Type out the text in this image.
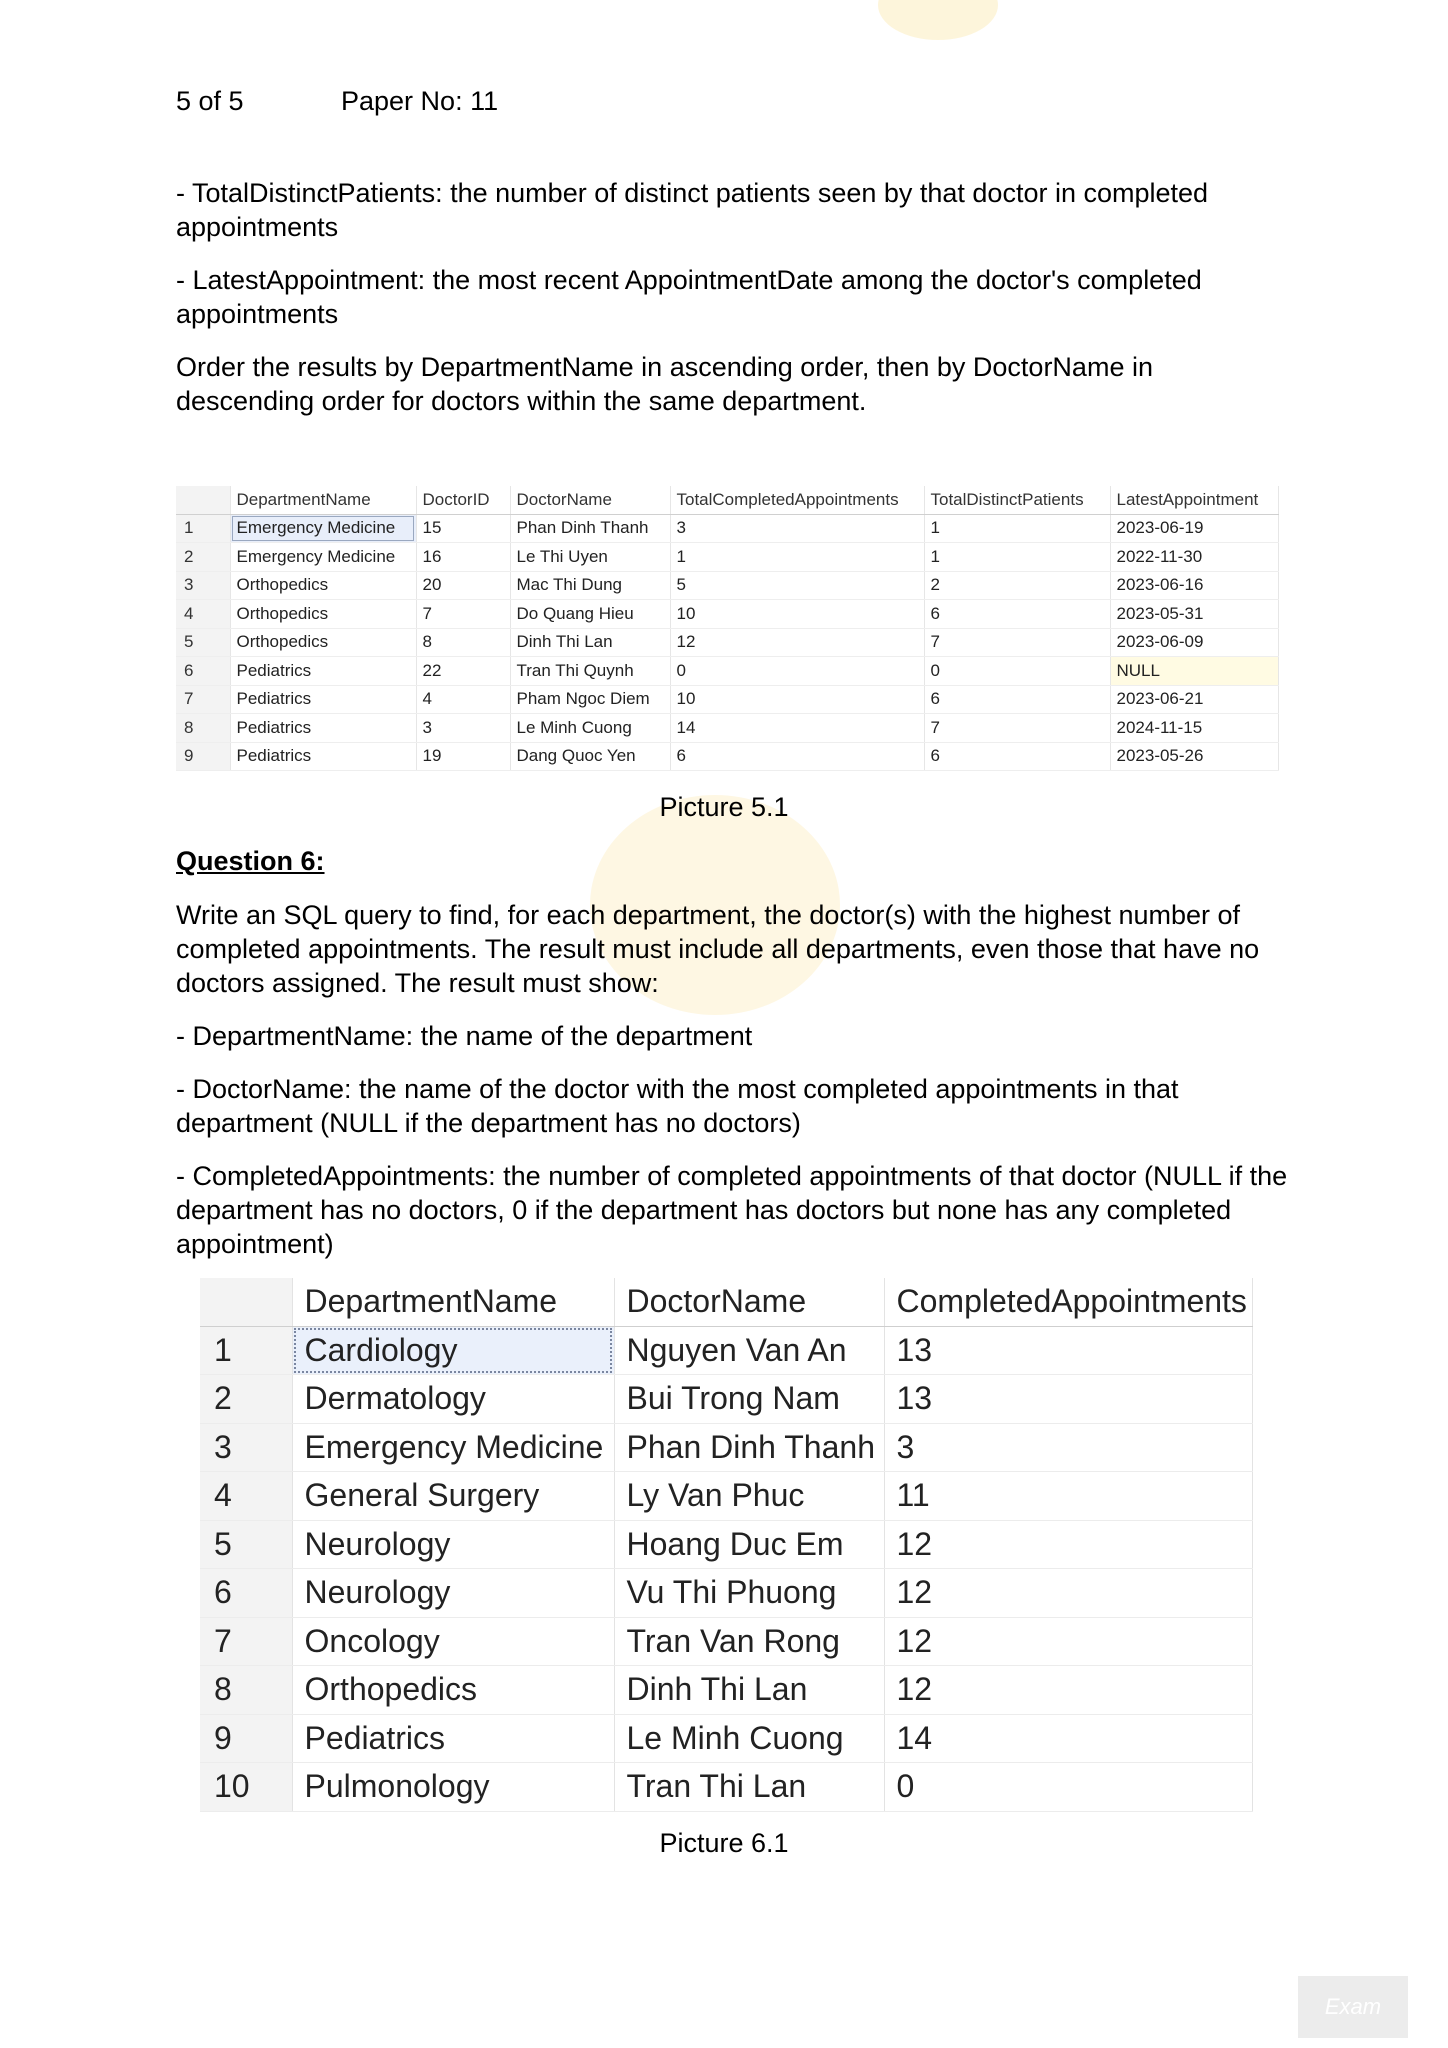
5 of 5	Paper No: 11

- TotalDistinctPatients: the number of distinct patients seen by that doctor in completed appointments

- LatestAppointment: the most recent AppointmentDate among the doctor's completed appointments

Order the results by DepartmentName in ascending order, then by DoctorName in descending order for doctors within the same department.

	DepartmentName	DoctorID	DoctorName	TotalCompletedAppointments	TotalDistinctPatients	LatestAppointment
1	Emergency Medicine	15	Phan Dinh Thanh	3	1	2023-06-19
2	Emergency Medicine	16	Le Thi Uyen	1	1	2022-11-30
3	Orthopedics	20	Mac Thi Dung	5	2	2023-06-16
4	Orthopedics	7	Do Quang Hieu	10	6	2023-05-31
5	Orthopedics	8	Dinh Thi Lan	12	7	2023-06-09
6	Pediatrics	22	Tran Thi Quynh	0	0	NULL
7	Pediatrics	4	Pham Ngoc Diem	10	6	2023-06-21
8	Pediatrics	3	Le Minh Cuong	14	7	2024-11-15
9	Pediatrics	19	Dang Quoc Yen	6	6	2023-05-26
Picture 5.1
Question 6:

Write an SQL query to find, for each department, the doctor(s) with the highest number of completed appointments. The result must include all departments, even those that have no doctors assigned. The result must show:

- DepartmentName: the name of the department

- DoctorName: the name of the doctor with the most completed appointments in that department (NULL if the department has no doctors)

- CompletedAppointments: the number of completed appointments of that doctor (NULL if the department has no doctors, 0 if the department has doctors but none has any completed appointment)

	DepartmentName	DoctorName	CompletedAppointments
1	Cardiology	Nguyen Van An	13
2	Dermatology	Bui Trong Nam	13
3	Emergency Medicine	Phan Dinh Thanh	3
4	General Surgery	Ly Van Phuc	11
5	Neurology	Hoang Duc Em	12
6	Neurology	Vu Thi Phuong	12
7	Oncology	Tran Van Rong	12
8	Orthopedics	Dinh Thi Lan	12
9	Pediatrics	Le Minh Cuong	14
10	Pulmonology	Tran Thi Lan	0
Picture 6.1
Exam
